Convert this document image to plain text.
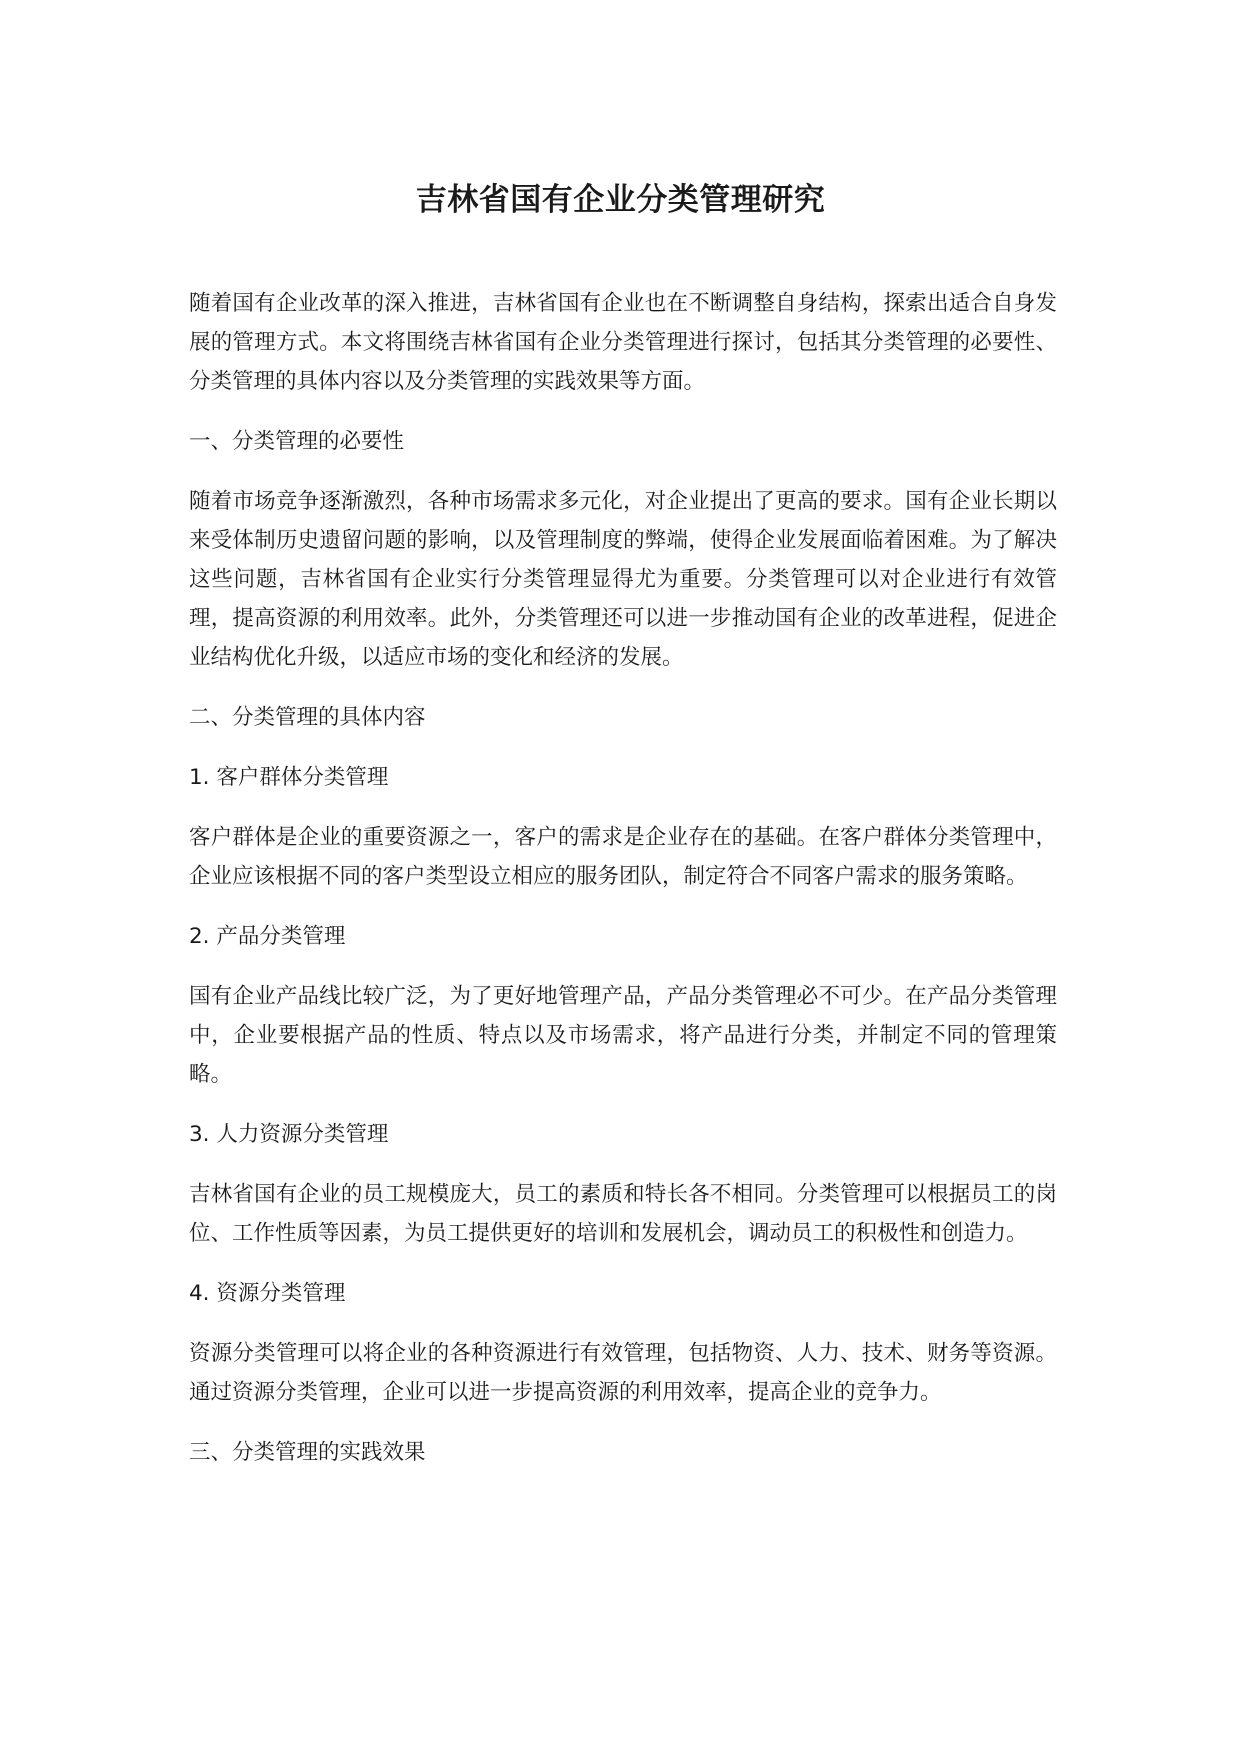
吉林省国有企业分类管理研究

随着国有企业改革的深入推进，吉林省国有企业也在不断调整自身结构，探索出适合自身发展的管理方式。本文将围绕吉林省国有企业分类管理进行探讨，包括其分类管理的必要性、分类管理的具体内容以及分类管理的实践效果等方面。

一、分类管理的必要性

随着市场竞争逐渐激烈，各种市场需求多元化，对企业提出了更高的要求。国有企业长期以来受体制历史遗留问题的影响，以及管理制度的弊端，使得企业发展面临着困难。为了解决这些问题，吉林省国有企业实行分类管理显得尤为重要。分类管理可以对企业进行有效管理，提高资源的利用效率。此外，分类管理还可以进一步推动国有企业的改革进程，促进企业结构优化升级，以适应市场的变化和经济的发展。

二、分类管理的具体内容

1. 客户群体分类管理

客户群体是企业的重要资源之一，客户的需求是企业存在的基础。在客户群体分类管理中，企业应该根据不同的客户类型设立相应的服务团队，制定符合不同客户需求的服务策略。

2. 产品分类管理

国有企业产品线比较广泛，为了更好地管理产品，产品分类管理必不可少。在产品分类管理中，企业要根据产品的性质、特点以及市场需求，将产品进行分类，并制定不同的管理策略。

3. 人力资源分类管理

吉林省国有企业的员工规模庞大，员工的素质和特长各不相同。分类管理可以根据员工的岗位、工作性质等因素，为员工提供更好的培训和发展机会，调动员工的积极性和创造力。

4. 资源分类管理

资源分类管理可以将企业的各种资源进行有效管理，包括物资、人力、技术、财务等资源。通过资源分类管理，企业可以进一步提高资源的利用效率，提高企业的竞争力。

三、分类管理的实践效果
